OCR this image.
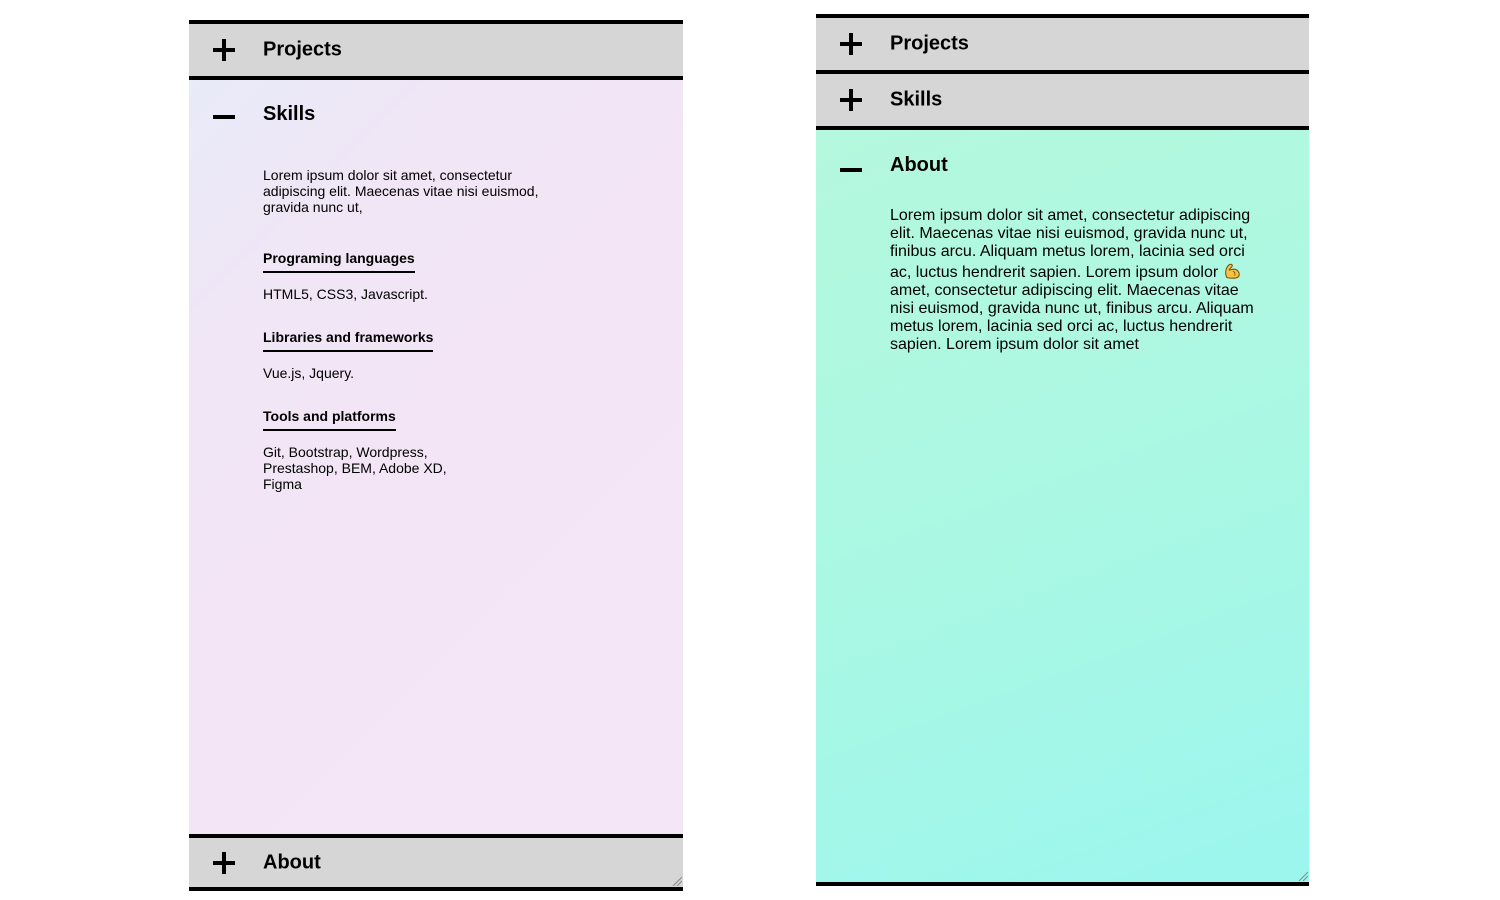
Projects
Skills

Lorem ipsum dolor sit amet, consectetur adipiscing elit. Maecenas vitae nisi euismod, gravida nunc ut,

Programing languages

HTML5, CSS3, Javascript.

Libraries and frameworks

Vue.js, Jquery.

Tools and platforms

Git, Bootstrap, Wordpress, Prestashop, BEM, Adobe XD, Figma

About
Projects
Skills
About

Lorem ipsum dolor sit amet, consectetur adipiscing elit. Maecenas vitae nisi euismod, gravida nunc ut, finibus arcu. Aliquam metus lorem, lacinia sed orci ac, luctus hendrerit sapien. Lorem ipsum dolor  amet, consectetur adipiscing elit. Maecenas vitae nisi euismod, gravida nunc ut, finibus arcu. Aliquam metus lorem, lacinia sed orci ac, luctus hendrerit sapien. Lorem ipsum dolor sit amet
